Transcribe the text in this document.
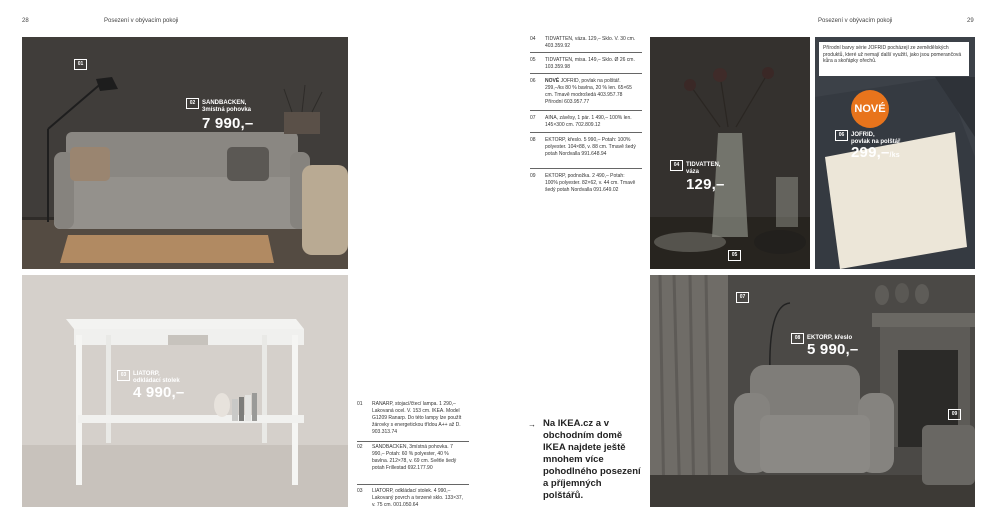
28	Posezení v obývacím pokoji	Posezení v obývacím pokoji	29
01
02	SANDBACKEN,
3místná pohovka
7 990,–
03	LIATORP,
odkládací stolek
4 990,–
01 RANARP, stojací/čtecí lampa. 1 290,– Lakovaná ocel. V. 153 cm. IKEA. Model G1209 Ranarp. Do této lampy lze použít žárovky s energetickou třídou A++ až D. 903.313.74
02 SANDBACKEN, 3místná pohovka. 7 990,– Potah: 60 % polyester, 40 % bavlna. 212×78, v. 69 cm. Světle šedý potah Frillestad 692.177.90
03 LIATORP, odkládací stolek. 4 990,– Lakovaný povrch a tvrzené sklo. 133×37, v. 75 cm. 001.050.64
04 TIDVATTEN, váza. 129,– Sklo. V. 30 cm. 403.359.92
05 TIDVATTEN, misa. 149,– Sklo. Ø 26 cm. 103.359.98
06 NOVÉ JOFRID, povlak na polštář. 299,–/ks 80 % bavlna, 20 % len. 65×65 cm. Tmavě modrošedá 403.957.78 Přírodní 603.957.77
07 AINA, závěsy, 1 pár. 1 490,– 100% len. 145×300 cm. 702.809.12
08 EKTORP, křeslo. 5 990,– Potah: 100% polyester. 104×88, v. 88 cm. Tmavě šedý potah Nordvalla 991.648.94
09 EKTORP, podnožka. 2 490,– Potah: 100% polyester. 82×62, v. 44 cm. Tmavě šedý potah Nordvalla 091.649.02
→ Na IKEA.cz a v obchodním domě IKEA najdete ještě mnohem více pohodlného posezení a příjemných polštářů.
04	TIDVATTEN,
váza
129,–
05
Přírodní barvy série JOFRID pocházejí ze zemědělských produktů, které už nemají další využití, jako jsou pomerančová kůra a skořápky ořechů.
NOVÉ
06	JOFRID,
povlak na polštář
299,–/ks
07
08	EKTORP, křeslo
5 990,–
09
